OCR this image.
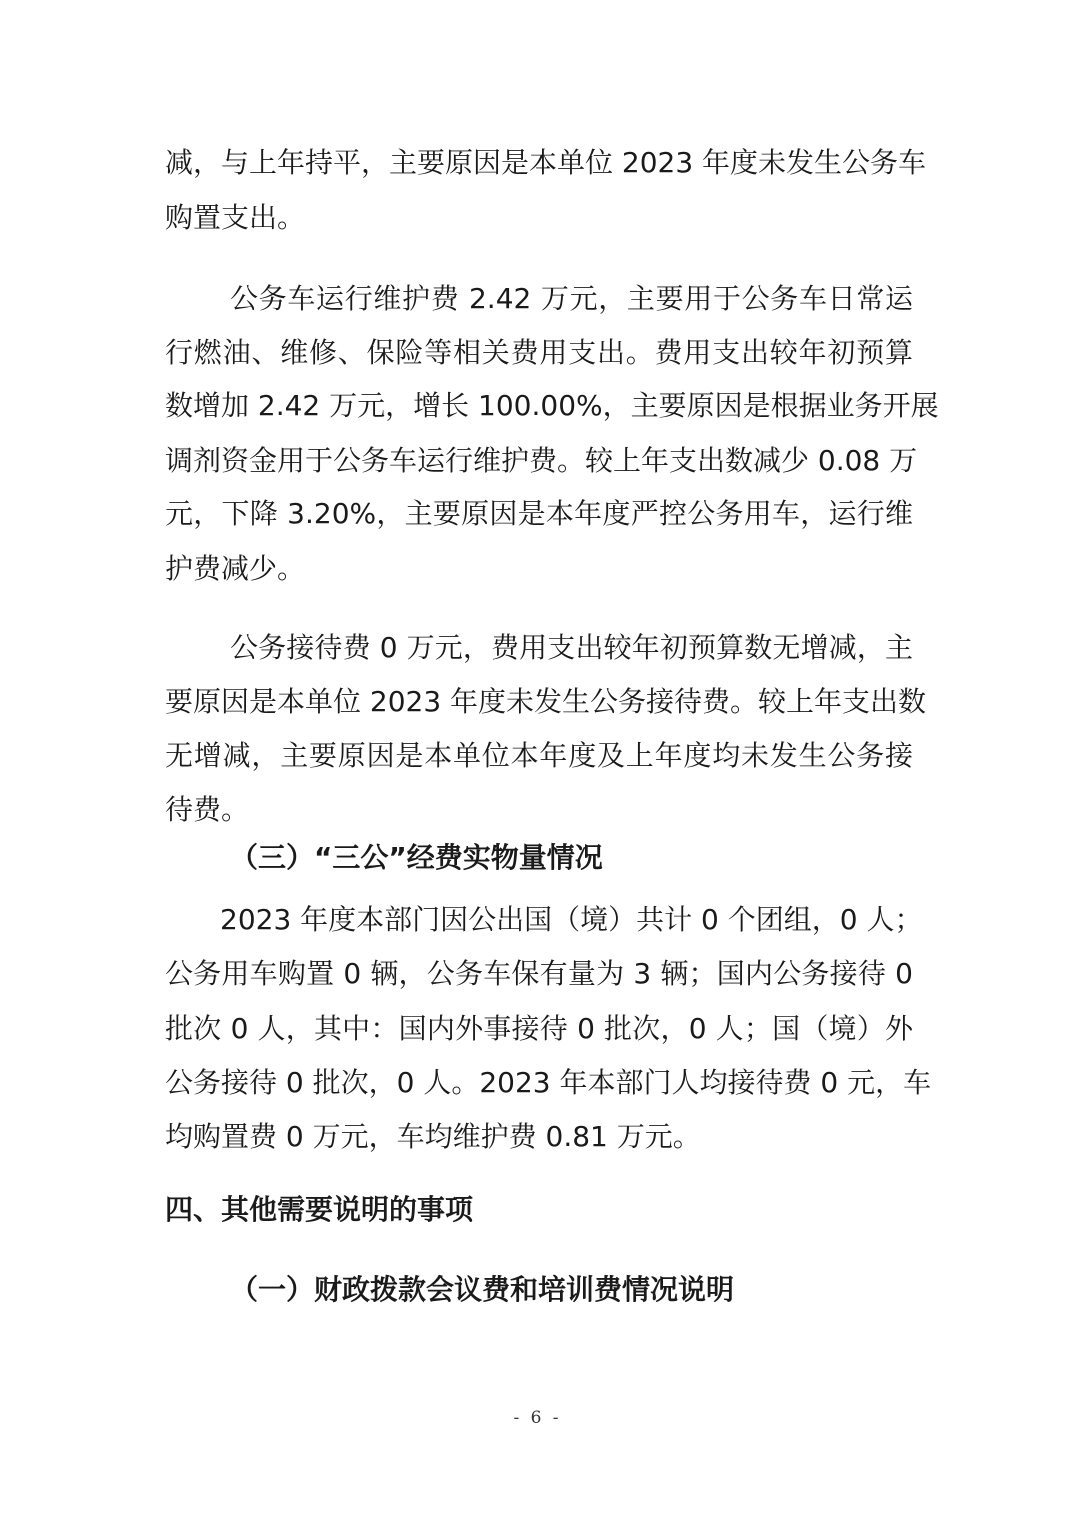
减，与上年持平，主要原因是本单位 2023 年度未发生公务车
购置支出。
公务车运行维护费 2.42 万元，主要用于公务车日常运
行燃油、维修、保险等相关费用支出。费用支出较年初预算
数增加 2.42 万元，增长 100.00%，主要原因是根据业务开展
调剂资金用于公务车运行维护费。较上年支出数减少 0.08 万
元，下降 3.20%，主要原因是本年度严控公务用车，运行维
护费减少。
公务接待费 0 万元，费用支出较年初预算数无增减，主
要原因是本单位 2023 年度未发生公务接待费。较上年支出数
无增减，主要原因是本单位本年度及上年度均未发生公务接
待费。
（三）“三公”经费实物量情况
2023 年度本部门因公出国（境）共计 0 个团组，0 人；
公务用车购置 0 辆，公务车保有量为 3 辆；国内公务接待 0
批次 0 人，其中：国内外事接待 0 批次，0 人；国（境）外
公务接待 0 批次，0 人。2023 年本部门人均接待费 0 元，车
均购置费 0 万元，车均维护费 0.81 万元。
四、其他需要说明的事项
（一）财政拨款会议费和培训费情况说明
- 6 -
